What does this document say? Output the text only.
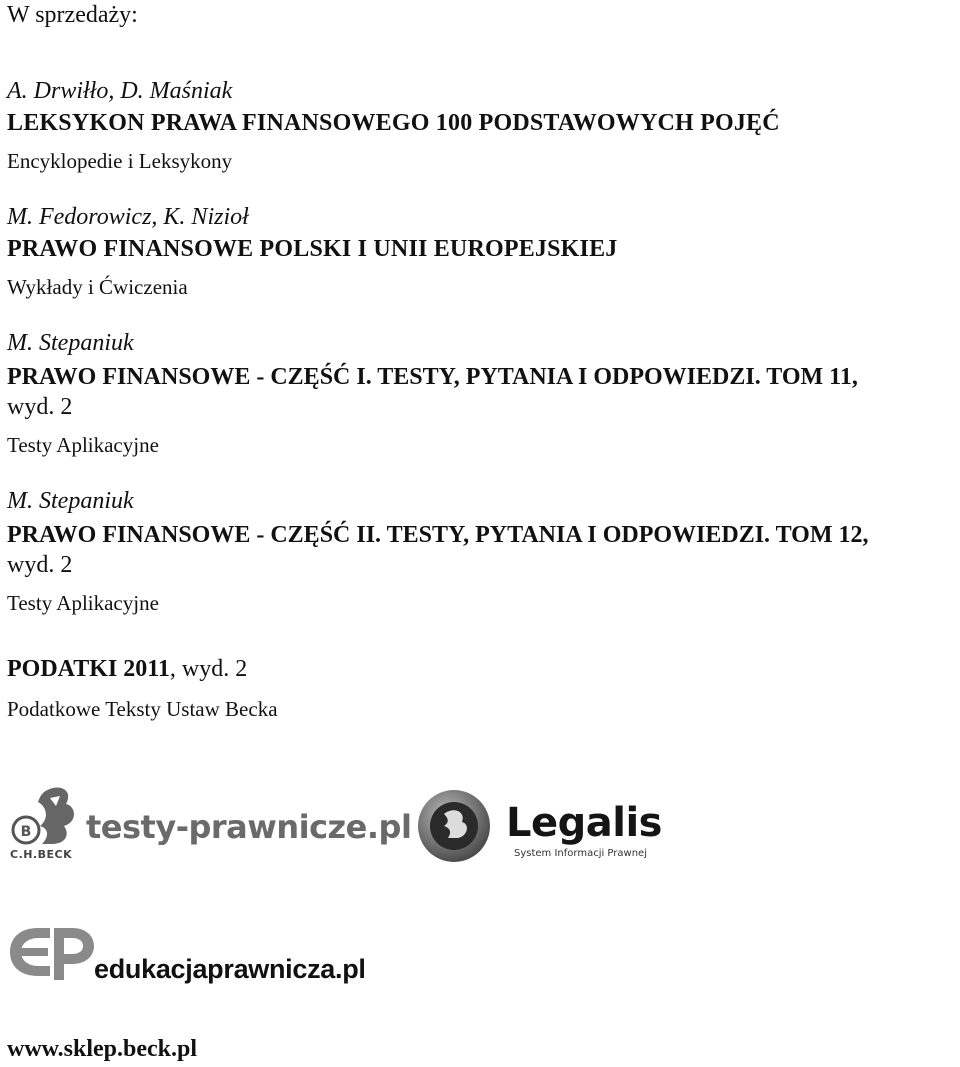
W sprzedaży:
A. Drwiłło, D. Maśniak
LEKSYKON PRAWA FINANSOWEGO 100 PODSTAWOWYCH POJĘĆ
Encyklopedie i Leksykony
M. Fedorowicz, K. Nizioł
PRAWO FINANSOWE POLSKI I UNII EUROPEJSKIEJ
Wykłady i Ćwiczenia
M. Stepaniuk
PRAWO FINANSOWE - CZĘŚĆ I. TESTY, PYTANIA I ODPOWIEDZI. TOM 11,
wyd. 2
Testy Aplikacyjne
M. Stepaniuk
PRAWO FINANSOWE - CZĘŚĆ II. TESTY, PYTANIA I ODPOWIEDZI. TOM 12,
wyd. 2
Testy Aplikacyjne
PODATKI 2011, wyd. 2
Podatkowe Teksty Ustaw Becka
B testy-prawnicze.pl
C.H.BECK
Legalis
System Informacji Prawnej
edukacjaprawnicza.pl
www.sklep.beck.pl
